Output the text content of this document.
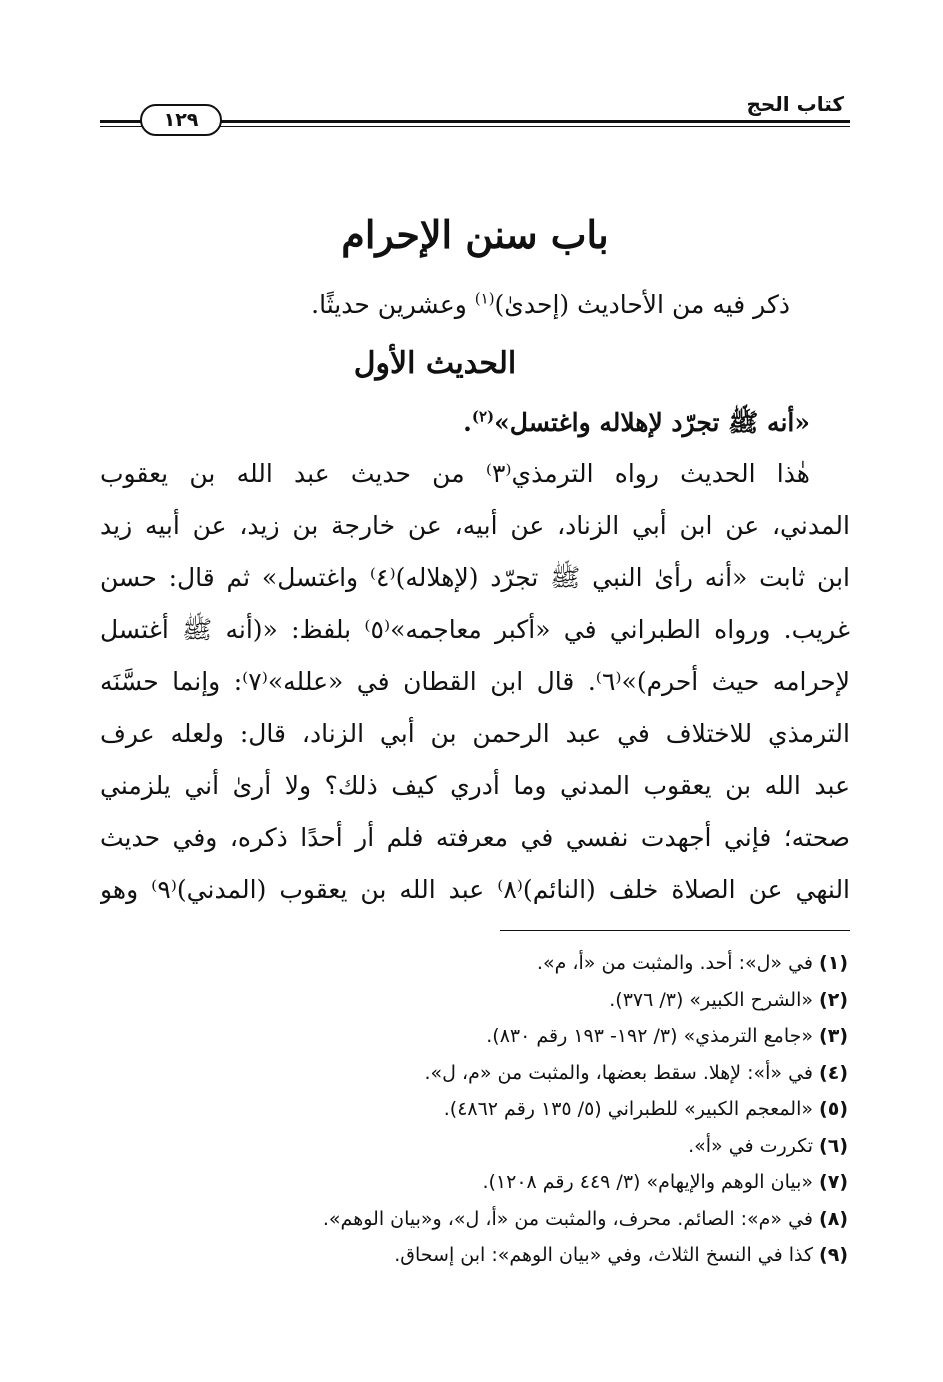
كتاب الحج
١٢٩
باب سنن الإحرام

ذكر فيه من الأحاديث (إحدىٰ)$^{(١)}$ وعشرين حديثًا.

الحديث الأول

«أنه ﷺ تجرّد لإهلاله واغتسل»$^{(٢)}$.

هٰذا الحديث رواه الترمذي⁽٣⁾ من حديث عبد الله بن يعقوب

المدني، عن ابن أبي الزناد، عن أبيه، عن خارجة بن زيد، عن أبيه زيد

ابن ثابت «أنه رأىٰ النبي ﷺ تجرّد (لإهلاله)⁽٤⁾ واغتسل» ثم قال: حسن

غريب. ورواه الطبراني في «أكبر معاجمه»⁽٥⁾ بلفظ: «(أنه ﷺ أغتسل

لإحرامه حيث أحرم)»⁽٦⁾. قال ابن القطان في «علله»⁽٧⁾: وإنما حسَّنَه

الترمذي للاختلاف في عبد الرحمن بن أبي الزناد، قال: ولعله عرف

عبد الله بن يعقوب المدني وما أدري كيف ذلك؟ ولا أرىٰ أني يلزمني

صحته؛ فإني أجهدت نفسي في معرفته فلم أر أحدًا ذكره، وفي حديث

النهي عن الصلاة خلف (النائم)⁽٨⁾ عبد الله بن يعقوب (المدني)⁽٩⁾ وهو

(١)في «ل»: أحد. والمثبت من «أ، م».
(٢)«الشرح الكبير» (٣/ ٣٧٦).
(٣)«جامع الترمذي» (٣/ ١٩٢- ١٩٣ رقم ٨٣٠).
(٤)في «أ»: لإهلا. سقط بعضها، والمثبت من «م، ل».
(٥)«المعجم الكبير» للطبراني (٥/ ١٣٥ رقم ٤٨٦٢).
(٦)تكررت في «أ».
(٧)«بيان الوهم والإيهام» (٣/ ٤٤٩ رقم ١٢٠٨).
(٨)في «م»: الصائم. محرف، والمثبت من «أ، ل»، و«بيان الوهم».
(٩)كذا في النسخ الثلاث، وفي «بيان الوهم»: ابن إسحاق.
